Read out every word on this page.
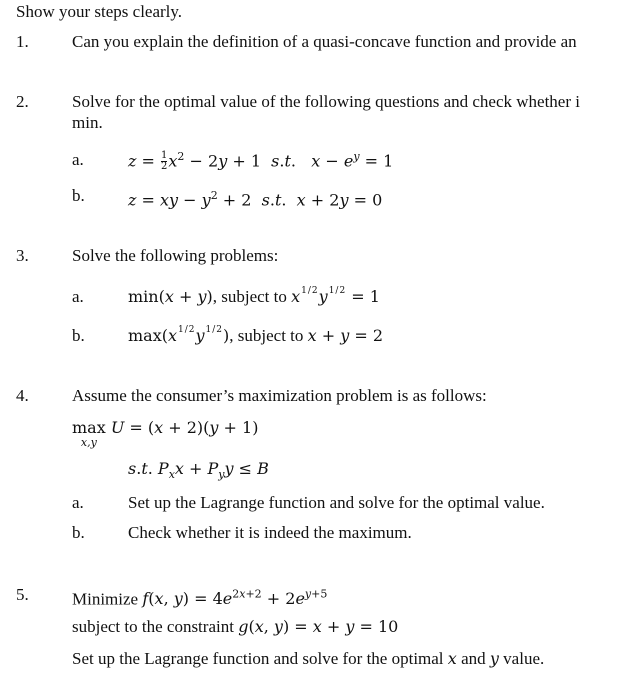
Show your steps clearly.
1.	Can you explain the definition of a quasi-concave function and provide an
2.	Solve for the optimal value of the following questions and check whether i
min.
a.	$z = \frac{1}{2} x^2 - 2y + 1$  s.t.   $x - e^y = 1$
b.	z = xy − $y^2 + 2$  s.t.  x + 2y = 0
3.	Solve the following problems:
a.	min(x + y), subject to $x^{1/2}y^{1/2} = 1$
b.	$\max(x^{1/2}y^{1/2})$, subject to x + y = 2
4.	Assume the consumer’s maximization problem is as follows:
max
x,y
U = (x + 2)(y + 1)
s.t. $P_xx + P_yy \le B$
a.	Set up the Lagrange function and solve for the optimal value.
b.	Check whether it is indeed the maximum.
5.	Minimize f(x, $y) = 4e^{2x+2} + 2e^{y+5}$
subject to the constraint g(x, y) = x + y = 10
Set up the Lagrange function and solve for the optimal x and y value.
